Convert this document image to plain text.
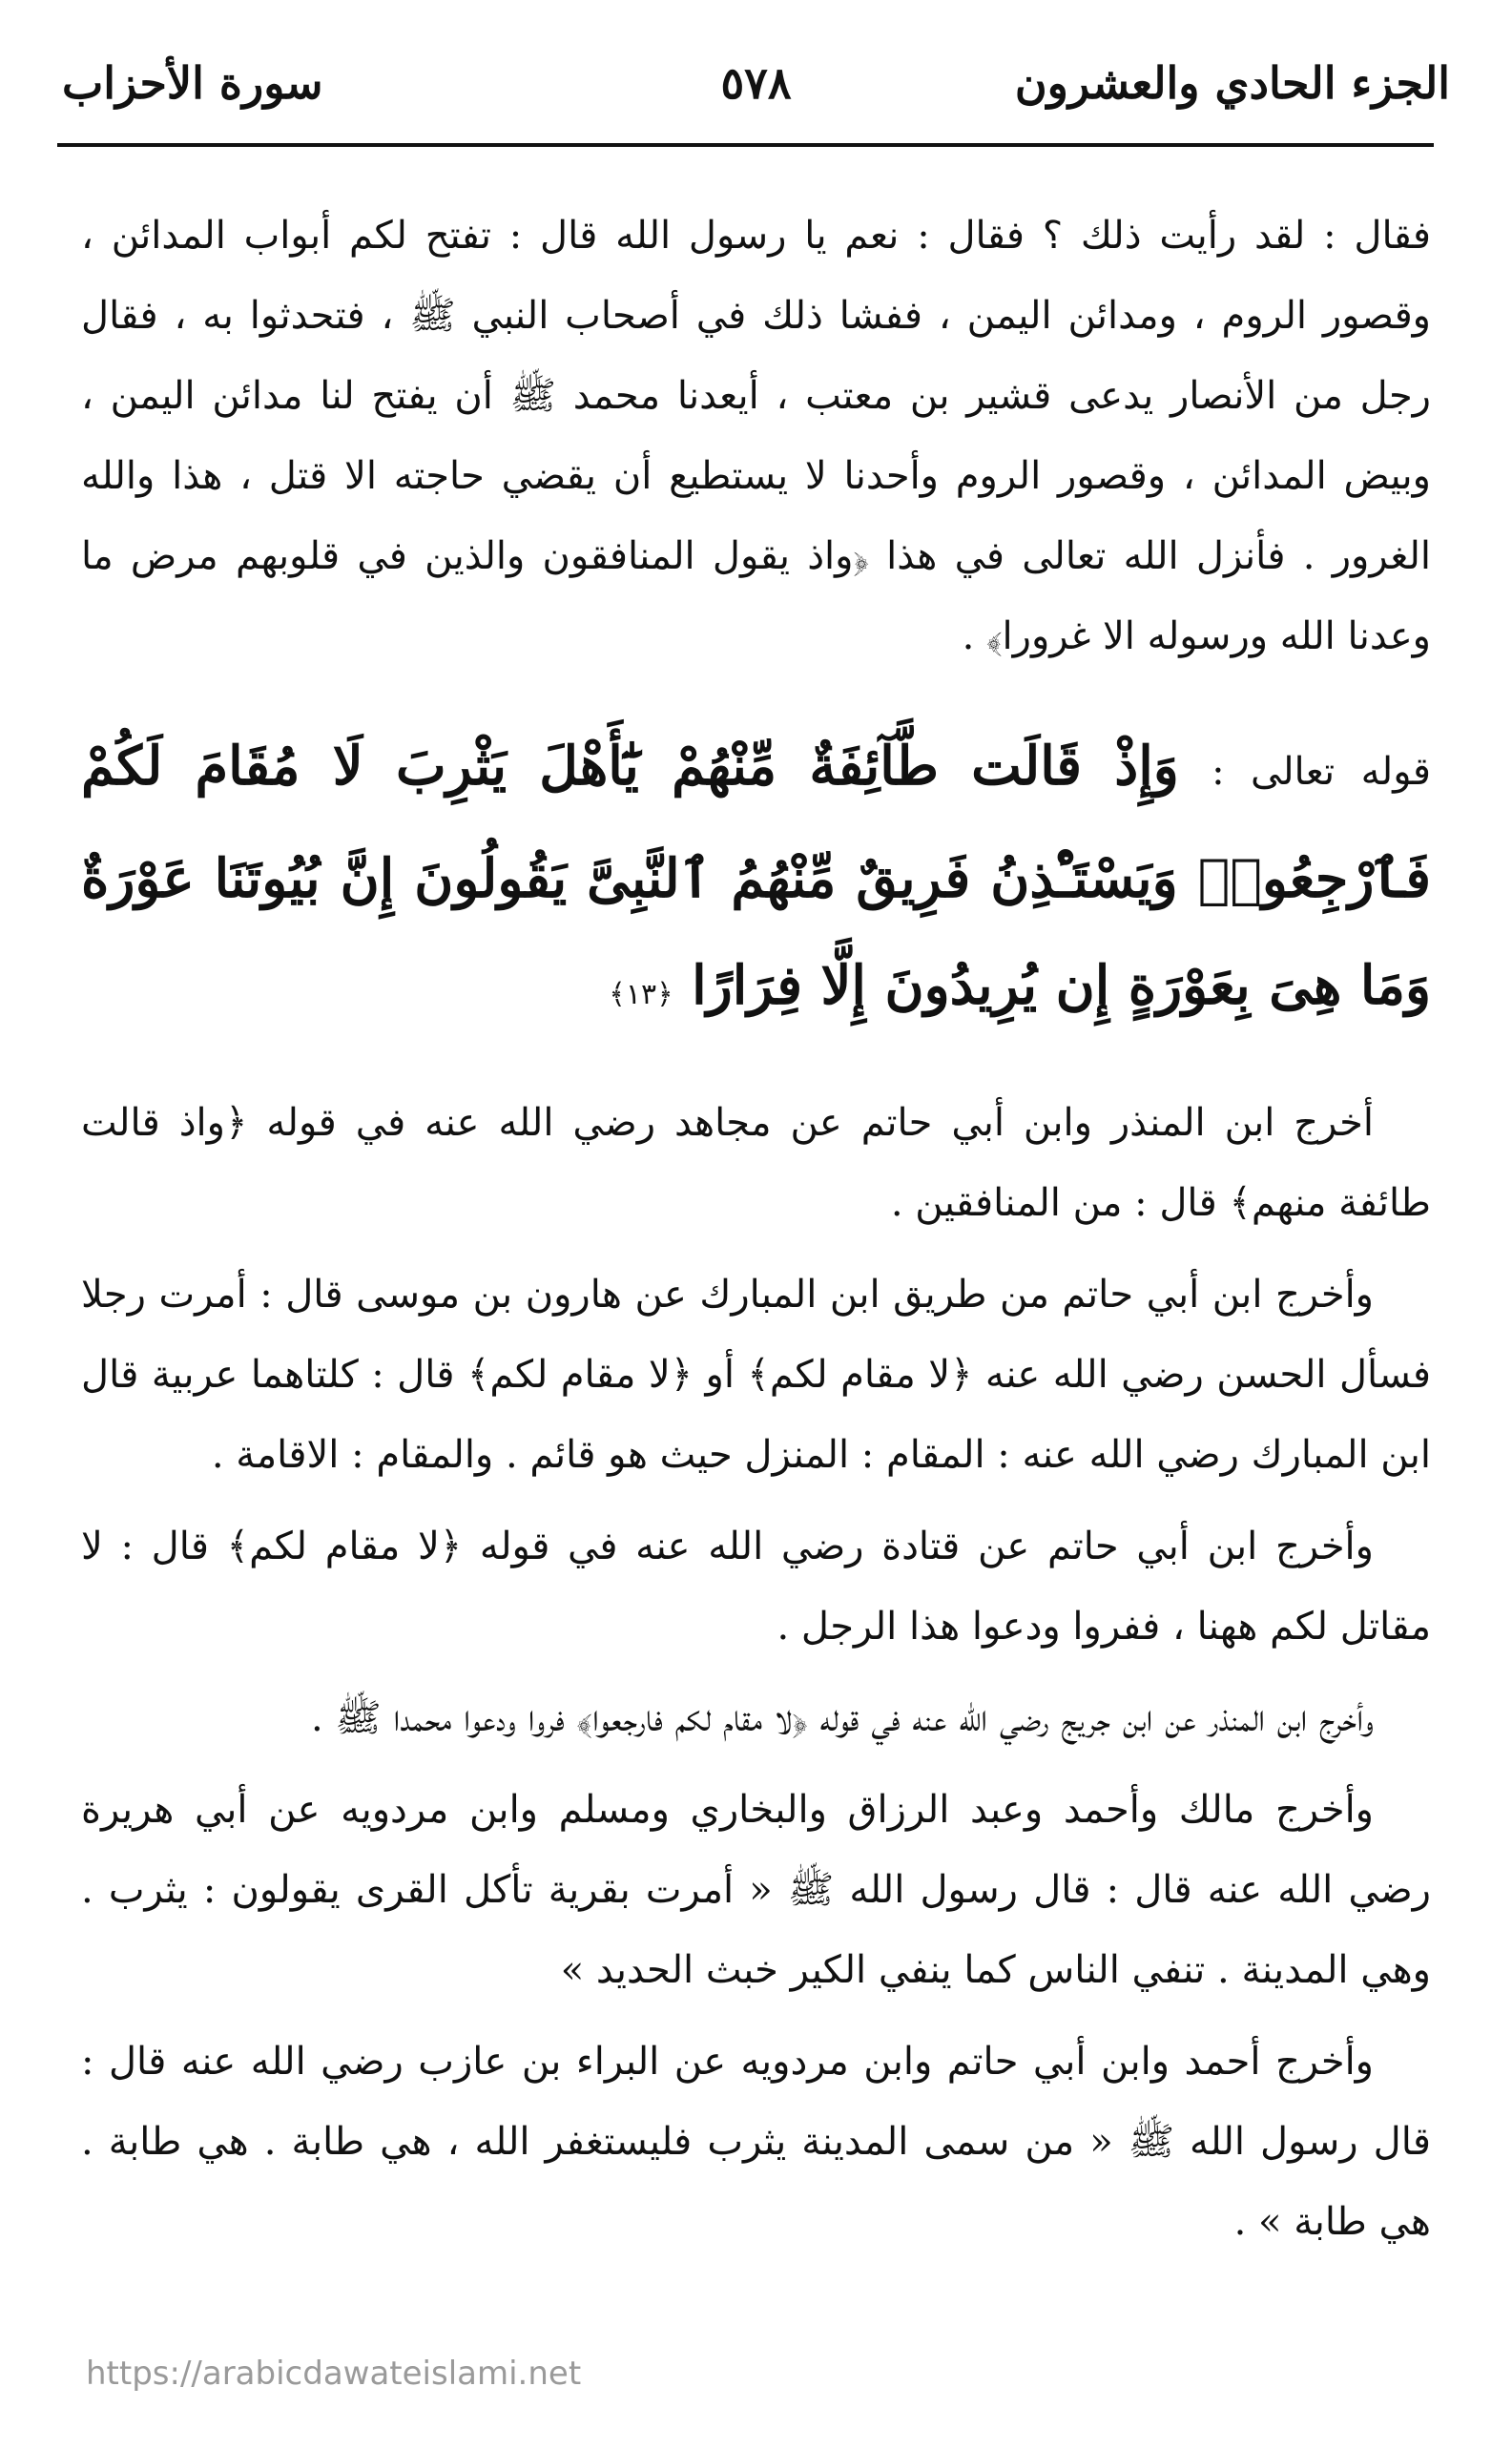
الجزء الحادي والعشرون
٥٧٨
سورة الأحزاب

فقال : لقد رأيت ذلك ؟ فقال : نعم يا رسول الله قال : تفتح لكم أبواب المدائن ، وقصور الروم ، ومدائن اليمن ، ففشا ذلك في أصحاب النبي ﷺ ، فتحدثوا به ، فقال رجل من الأنصار يدعى قشير بن معتب ، أيعدنا محمد ﷺ أن يفتح لنا مدائن اليمن ، وبيض المدائن ، وقصور الروم وأحدنا لا يستطيع أن يقضي حاجته الا قتل ، هذا والله الغرور . فأنزل الله تعالى في هذا ﴿واذ يقول المنافقون والذين في قلوبهم مرض ما وعدنا الله ورسوله الا غرورا﴾ .

قوله تعالى : وَإِذْ قَالَت طَّآئِفَةٌ مِّنْهُمْ يَٰٓأَهْلَ يَثْرِبَ لَا مُقَامَ لَكُمْ فَٱرْجِعُوا۟ وَيَسْتَـْٔذِنُ فَرِيقٌ مِّنْهُمُ ٱلنَّبِىَّ يَقُولُونَ إِنَّ بُيُوتَنَا عَوْرَةٌ وَمَا هِىَ بِعَوْرَةٍ إِن يُرِيدُونَ إِلَّا فِرَارًا ﴿١٣﴾

أخرج ابن المنذر وابن أبي حاتم عن مجاهد رضي الله عنه في قوله ﴿واذ قالت طائفة منهم﴾ قال : من المنافقين .

وأخرج ابن أبي حاتم من طريق ابن المبارك عن هارون بن موسى قال : أمرت رجلا فسأل الحسن رضي الله عنه ﴿لا مقام لكم﴾ أو ﴿لا مقام لكم﴾ قال : كلتاهما عربية قال ابن المبارك رضي الله عنه : المقام : المنزل حيث هو قائم . والمقام : الاقامة .

وأخرج ابن أبي حاتم عن قتادة رضي الله عنه في قوله ﴿لا مقام لكم﴾ قال : لا مقاتل لكم ههنا ، ففروا ودعوا هذا الرجل .

وأخرج ابن المنذر عن ابن جريج رضي الله عنه في قوله ﴿لا مقام لكم فارجعوا﴾ فروا ودعوا محمدا ﷺ .

وأخرج مالك وأحمد وعبد الرزاق والبخاري ومسلم وابن مردويه عن أبي هريرة رضي الله عنه قال : قال رسول الله ﷺ « أمرت بقرية تأكل القرى يقولون : يثرب . وهي المدينة . تنفي الناس كما ينفي الكير خبث الحديد »

وأخرج أحمد وابن أبي حاتم وابن مردويه عن البراء بن عازب رضي الله عنه قال : قال رسول الله ﷺ « من سمى المدينة يثرب فليستغفر الله ، هي طابة . هي طابة . هي طابة » .

https://arabicdawateislami.net
